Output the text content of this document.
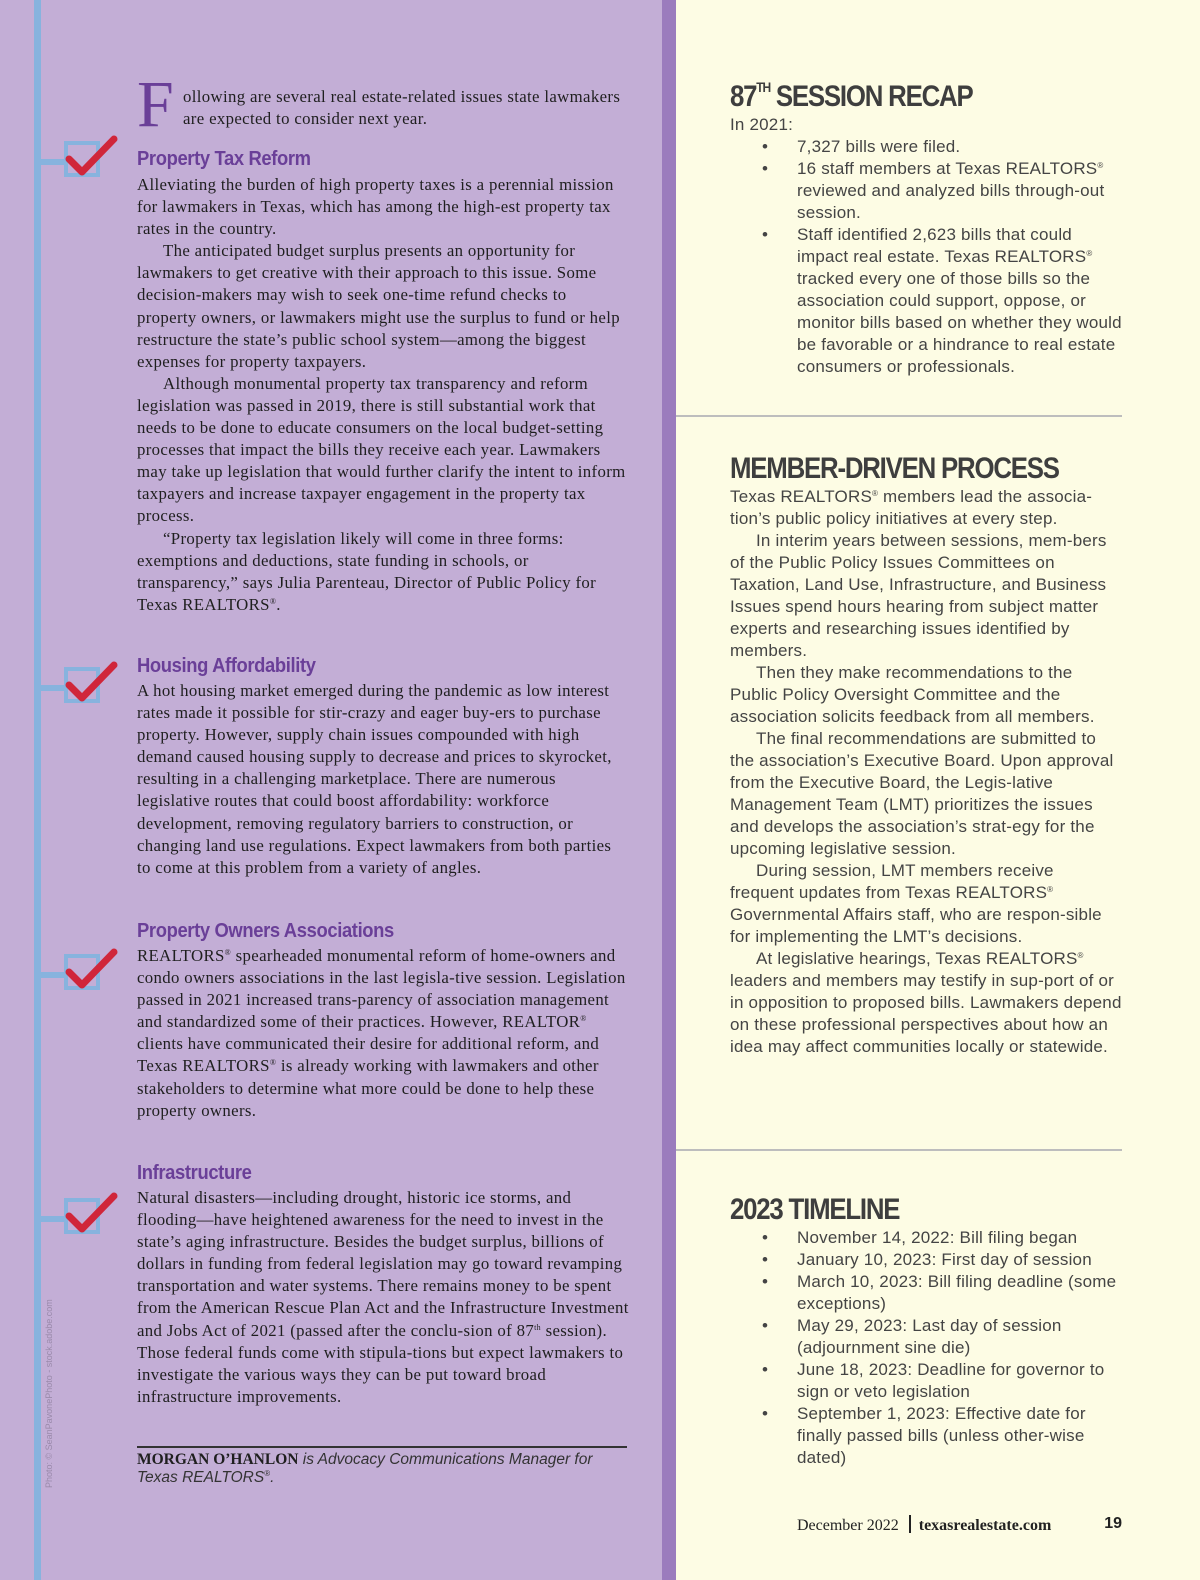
F ollowing are several real estate-related issues state lawmakers are expected to consider next year.
Property Tax Reform

Alleviating the burden of high property taxes is a perennial mission for lawmakers in Texas, which has among the high-est property tax rates in the country.

The anticipated budget surplus presents an opportunity for lawmakers to get creative with their approach to this issue. Some decision-makers may wish to seek one-time refund checks to property owners, or lawmakers might use the surplus to fund or help restructure the state’s public school system—among the biggest expenses for property taxpayers.

Although monumental property tax transparency and reform legislation was passed in 2019, there is still substantial work that needs to be done to educate consumers on the local budget-setting processes that impact the bills they receive each year. Lawmakers may take up legislation that would further clarify the intent to inform taxpayers and increase taxpayer engagement in the property tax process.

“Property tax legislation likely will come in three forms: exemptions and deductions, state funding in schools, or transparency,” says Julia Parenteau, Director of Public Policy for Texas REALTORS®.

Housing Affordability

A hot housing market emerged during the pandemic as low interest rates made it possible for stir-crazy and eager buy-ers to purchase property. However, supply chain issues compounded with high demand caused housing supply to decrease and prices to skyrocket, resulting in a challenging marketplace. There are numerous legislative routes that could boost affordability: workforce development, removing regulatory barriers to construction, or changing land use regulations. Expect lawmakers from both parties to come at this problem from a variety of angles.

Property Owners Associations

REALTORS® spearheaded monumental reform of home-owners and condo owners associations in the last legisla-tive session. Legislation passed in 2021 increased trans-parency of association management and standardized some of their practices. However, REALTOR® clients have communicated their desire for additional reform, and Texas REALTORS® is already working with lawmakers and other stakeholders to determine what more could be done to help these property owners.

Infrastructure

Natural disasters—including drought, historic ice storms, and flooding—have heightened awareness for the need to invest in the state’s aging infrastructure. Besides the budget surplus, billions of dollars in funding from federal legislation may go toward revamping transportation and water systems. There remains money to be spent from the American Rescue Plan Act and the Infrastructure Investment and Jobs Act of 2021 (passed after the conclu-sion of 87th session). Those federal funds come with stipula-tions but expect lawmakers to investigate the various ways they can be put toward broad infrastructure improvements.

MORGAN O’HANLON is Advocacy Communications Manager for Texas REALTORS®.
Photo: © SeanPavonePhoto - stock.adobe.com
87TH SESSION RECAP

In 2021:

• 7,327 bills were filed.
• 16 staff members at Texas REALTORS® reviewed and analyzed bills through-out session.
• Staff identified 2,623 bills that could impact real estate. Texas REALTORS® tracked every one of those bills so the association could support, oppose, or monitor bills based on whether they would be favorable or a hindrance to real estate consumers or professionals.
MEMBER-DRIVEN PROCESS

Texas REALTORS® members lead the associa-tion’s public policy initiatives at every step.

In interim years between sessions, mem-bers of the Public Policy Issues Committees on Taxation, Land Use, Infrastructure, and Business Issues spend hours hearing from subject matter experts and researching issues identified by members.

Then they make recommendations to the Public Policy Oversight Committee and the association solicits feedback from all members.

The final recommendations are submitted to the association’s Executive Board. Upon approval from the Executive Board, the Legis-lative Management Team (LMT) prioritizes the issues and develops the association’s strat-egy for the upcoming legislative session.

During session, LMT members receive frequent updates from Texas REALTORS® Governmental Affairs staff, who are respon-sible for implementing the LMT’s decisions.

At legislative hearings, Texas REALTORS® leaders and members may testify in sup-port of or in opposition to proposed bills. Lawmakers depend on these professional perspectives about how an idea may affect communities locally or statewide.

2023 TIMELINE
• November 14, 2022: Bill filing began
• January 10, 2023: First day of session
• March 10, 2023: Bill filing deadline (some exceptions)
• May 29, 2023: Last day of session (adjournment sine die)
• June 18, 2023: Deadline for governor to sign or veto legislation
• September 1, 2023: Effective date for finally passed bills (unless other-wise dated)
December 2022 texasrealestate.com	19
